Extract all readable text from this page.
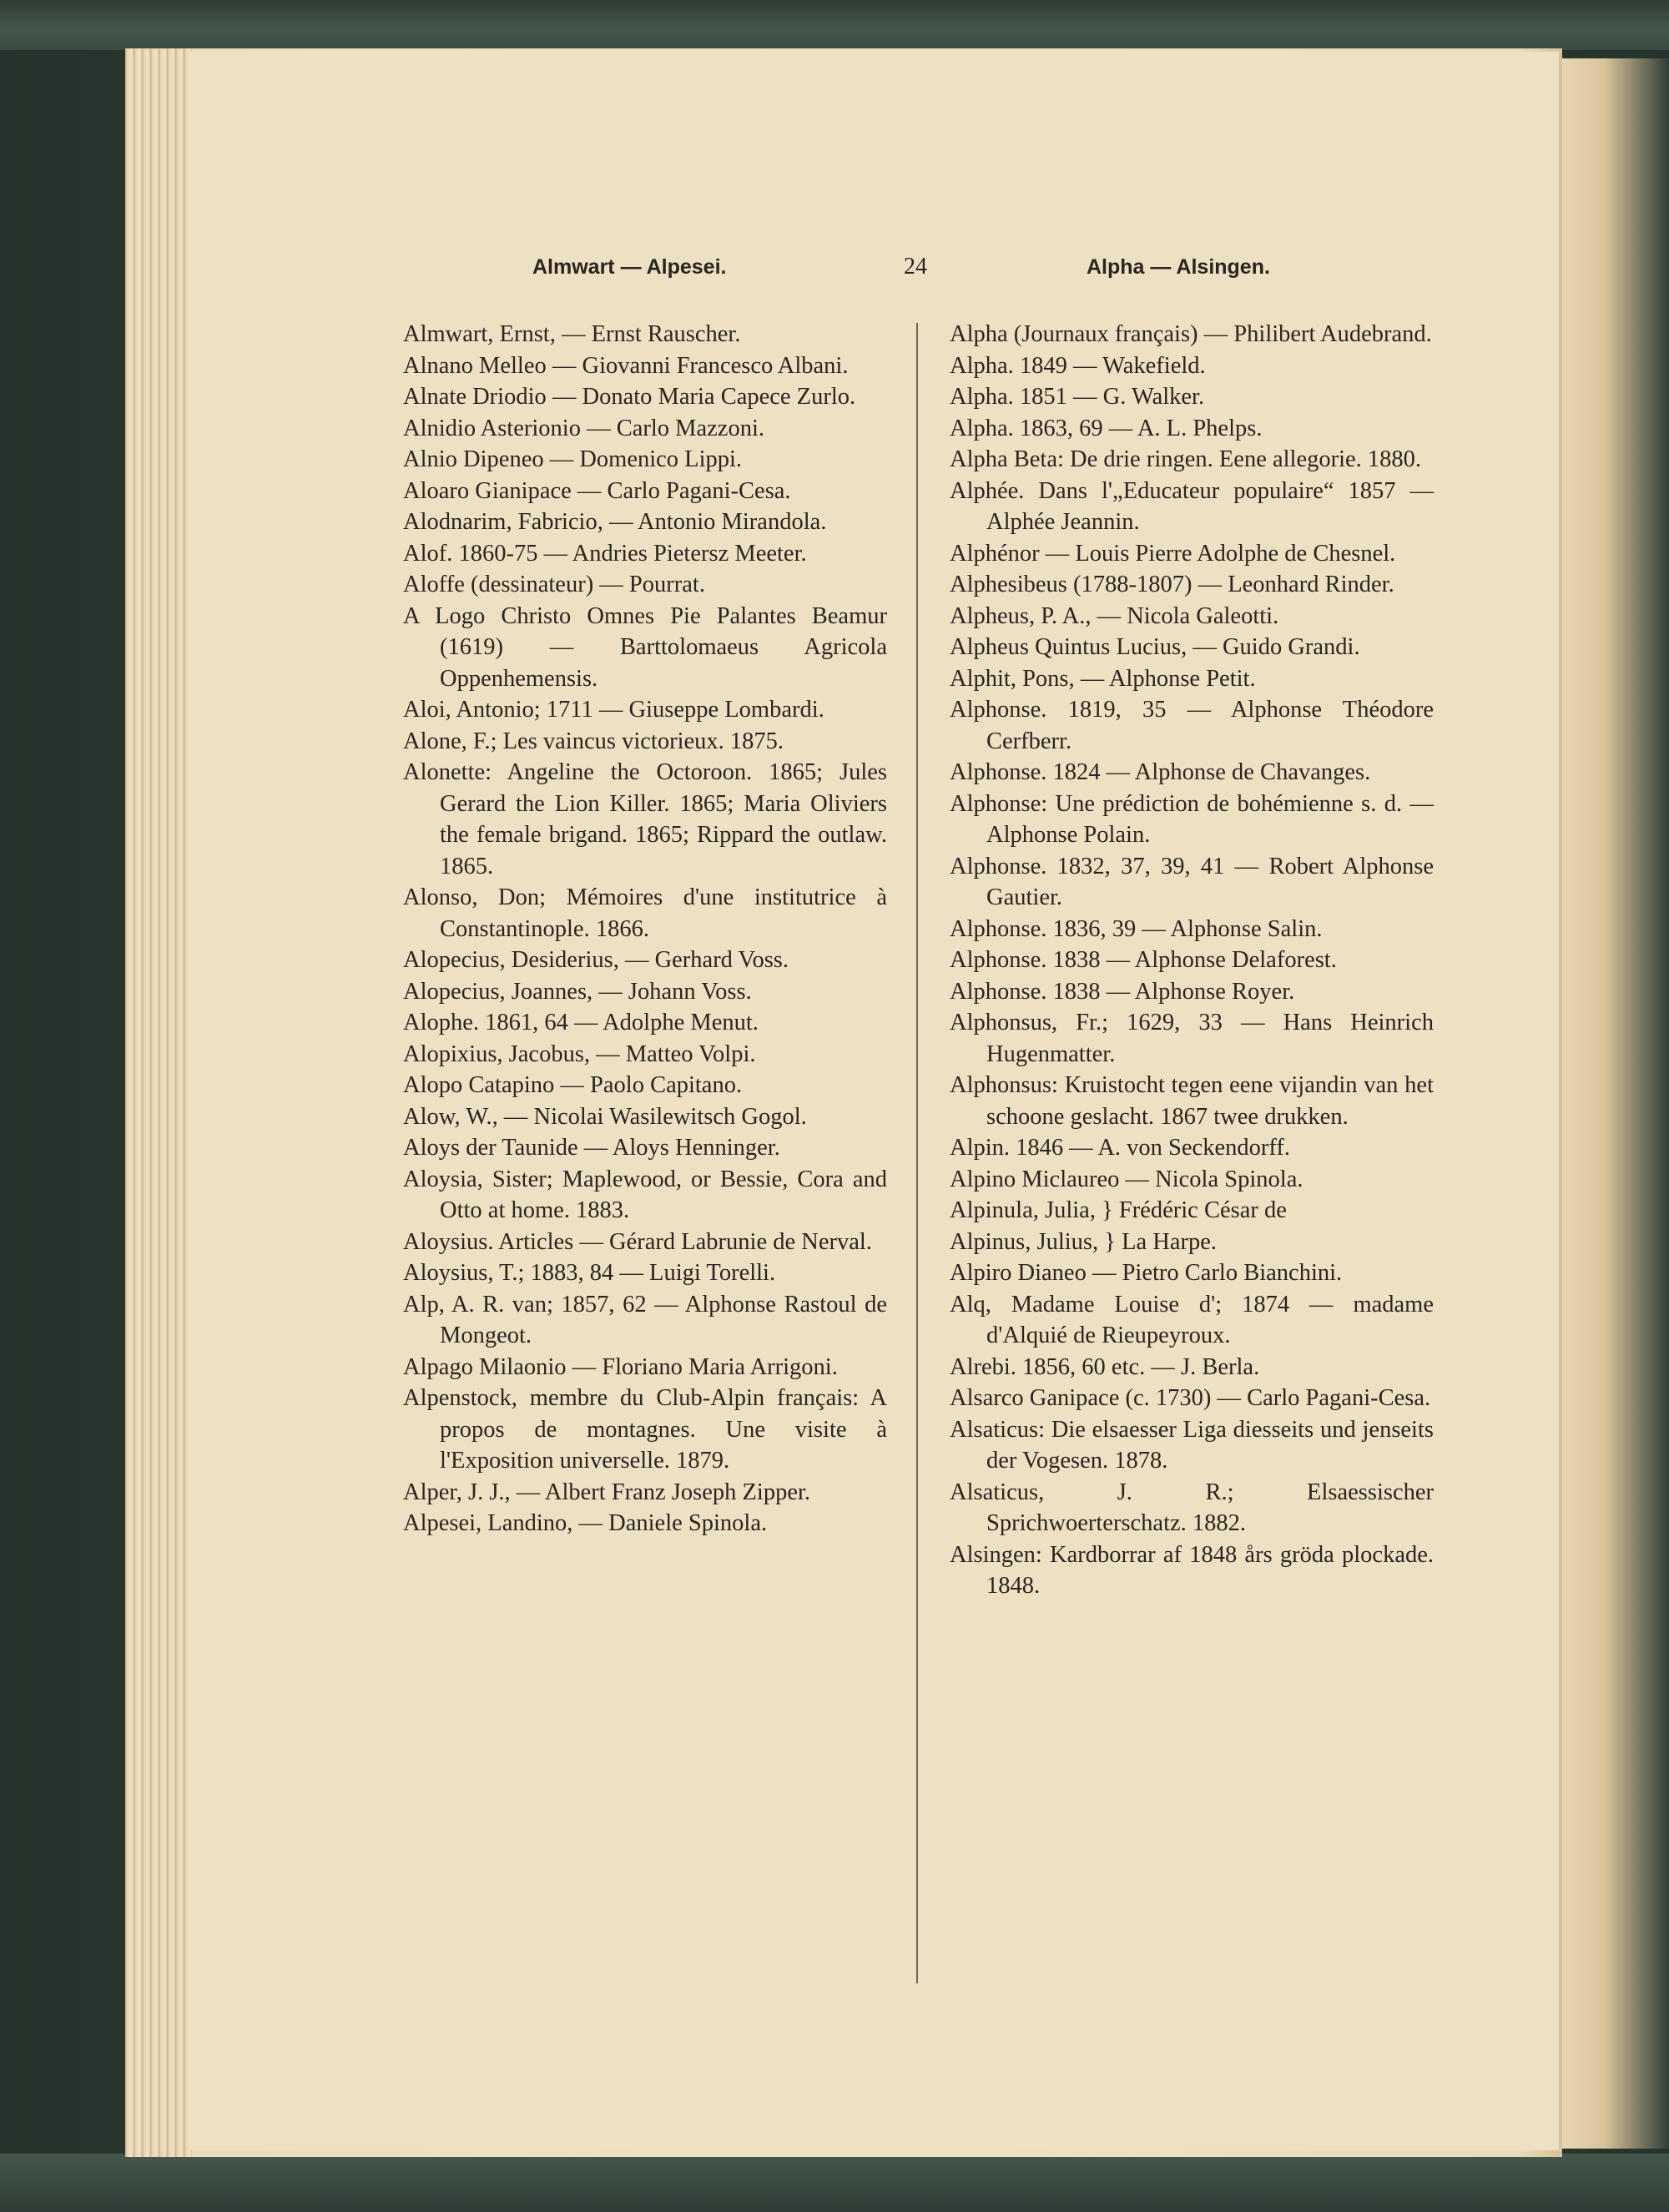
Almwart — Alpesei.	24	Alpha — Alsingen.

Almwart, Ernst, — Ernst Rauscher.

Alnano Melleo — Giovanni Francesco Albani.

Alnate Driodio — Donato Maria Capece Zurlo.

Alnidio Asterionio — Carlo Mazzoni.

Alnio Dipeneo — Domenico Lippi.

Aloaro Gianipace — Carlo Pagani-Cesa.

Alodnarim, Fabricio, — Antonio Mirandola.

Alof. 1860-75 — Andries Pietersz Meeter.

Aloffe (dessinateur) — Pourrat.

A Logo Christo Omnes Pie Palantes Beamur (1619) — Barttolomaeus Agricola Oppenhemensis.

Aloi, Antonio; 1711 — Giuseppe Lombardi.

Alone, F.; Les vaincus victorieux. 1875.

Alonette: Angeline the Octoroon. 1865; Jules Gerard the Lion Killer. 1865; Maria Oliviers the female brigand. 1865; Rippard the outlaw. 1865.

Alonso, Don; Mémoires d'une institutrice à Constantinople. 1866.

Alopecius, Desiderius, — Gerhard Voss.

Alopecius, Joannes, — Johann Voss.

Alophe. 1861, 64 — Adolphe Menut.

Alopixius, Jacobus, — Matteo Volpi.

Alopo Catapino — Paolo Capitano.

Alow, W., — Nicolai Wasilewitsch Gogol.

Aloys der Taunide — Aloys Henninger.

Aloysia, Sister; Maplewood, or Bessie, Cora and Otto at home. 1883.

Aloysius. Articles — Gérard Labrunie de Nerval.

Aloysius, T.; 1883, 84 — Luigi Torelli.

Alp, A. R. van; 1857, 62 — Alphonse Rastoul de Mongeot.

Alpago Milaonio — Floriano Maria Arrigoni.

Alpenstock, membre du Club-Alpin français: A propos de montagnes. Une visite à l'Exposition universelle. 1879.

Alper, J. J., — Albert Franz Joseph Zipper.

Alpesei, Landino, — Daniele Spinola.

Alpha (Journaux français) — Philibert Audebrand.

Alpha. 1849 — Wakefield.

Alpha. 1851 — G. Walker.

Alpha. 1863, 69 — A. L. Phelps.

Alpha Beta: De drie ringen. Eene allegorie. 1880.

Alphée. Dans l'„Educateur populaire“ 1857 — Alphée Jeannin.

Alphénor — Louis Pierre Adolphe de Chesnel.

Alphesibeus (1788-1807) — Leonhard Rinder.

Alpheus, P. A., — Nicola Galeotti.

Alpheus Quintus Lucius, — Guido Grandi.

Alphit, Pons, — Alphonse Petit.

Alphonse. 1819, 35 — Alphonse Théodore Cerfberr.

Alphonse. 1824 — Alphonse de Chavanges.

Alphonse: Une prédiction de bohémienne s. d. — Alphonse Polain.

Alphonse. 1832, 37, 39, 41 — Robert Alphonse Gautier.

Alphonse. 1836, 39 — Alphonse Salin.

Alphonse. 1838 — Alphonse Delaforest.

Alphonse. 1838 — Alphonse Royer.

Alphonsus, Fr.; 1629, 33 — Hans Heinrich Hugenmatter.

Alphonsus: Kruistocht tegen eene vijandin van het schoone geslacht. 1867 twee drukken.

Alpin. 1846 — A. von Seckendorff.

Alpino Miclaureo — Nicola Spinola.

Alpinula, Julia, } Frédéric César de

Alpinus, Julius, } La Harpe.

Alpiro Dianeo — Pietro Carlo Bianchini.

Alq, Madame Louise d'; 1874 — madame d'Alquié de Rieupeyroux.

Alrebi. 1856, 60 etc. — J. Berla.

Alsarco Ganipace (c. 1730) — Carlo Pagani-Cesa.

Alsaticus: Die elsaesser Liga diesseits und jenseits der Vogesen. 1878.

Alsaticus, J. R.; Elsaessischer Sprichwoerterschatz. 1882.

Alsingen: Kardborrar af 1848 års gröda plockade. 1848.
